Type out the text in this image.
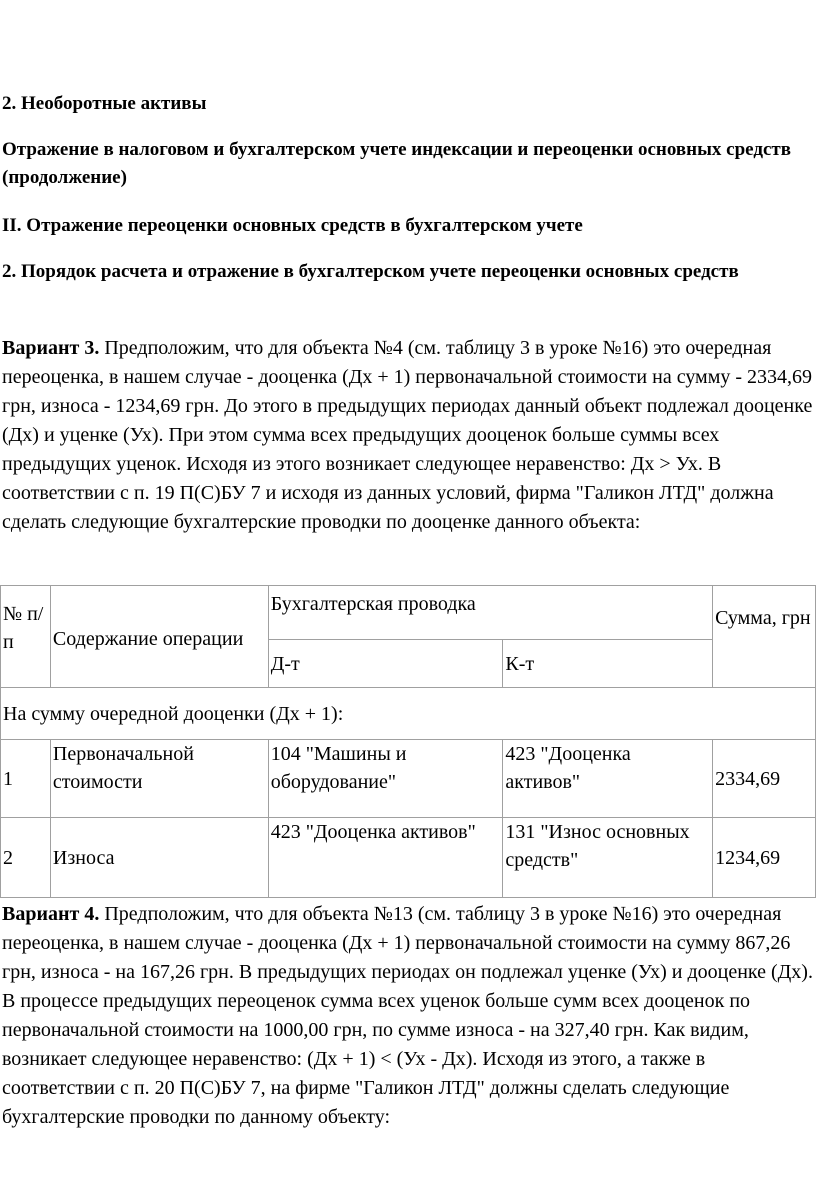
2. Необоротные активы
Отражение в налоговом и бухгалтерском учете индексации и переоценки основных средств (продолжение)
II. Отражение переоценки основных средств в бухгалтерском учете
2. Порядок расчета и отражение в бухгалтерском учете переоценки основных средств

Вариант 3. Предположим, что для объекта №4 (см. таблицу 3 в уроке №16) это очередная переоценка, в нашем случае - дооценка (Дх + 1) первоначальной стоимости на сумму - 2334,69 грн, износа - 1234,69 грн. До этого в предыдущих периодах данный объект подлежал дооценке (Дх) и уценке (Ух). При этом сумма всех предыдущих дооценок больше суммы всех предыдущих уценок. Исходя из этого возникает следующее неравенство: Дх > Ух. В соответствии с п. 19 П(С)БУ 7 и исходя из данных условий, фирма "Галикон ЛТД" должна сделать следующие бухгалтерские проводки по дооценке данного объекта:

№ п/п	Содержание операции	Бухгалтерская проводка		Сумма, грн
		Д-т	К-т	
На сумму очередной дооценки (Дх + 1):				
1	Первоначальной стоимости	104 "Машины и оборудование"	423 "Дооценка активов"	2334,69
2	Износа	423 "Дооценка активов"	131 "Износ основных средств"	1234,69

Вариант 4. Предположим, что для объекта №13 (см. таблицу 3 в уроке №16) это очередная переоценка, в нашем случае - дооценка (Дх + 1) первоначальной стоимости на сумму 867,26 грн, износа - на 167,26 грн. В предыдущих периодах он подлежал уценке (Ух) и дооценке (Дх). В процессе предыдущих переоценок сумма всех уценок больше сумм всех дооценок по первоначальной стоимости на 1000,00 грн, по сумме износа - на 327,40 грн. Как видим, возникает следующее неравенство: (Дх + 1) < (Ух - Дх). Исходя из этого, а также в соответствии с п. 20 П(С)БУ 7, на фирме "Галикон ЛТД" должны сделать следующие бухгалтерские проводки по данному объекту:
